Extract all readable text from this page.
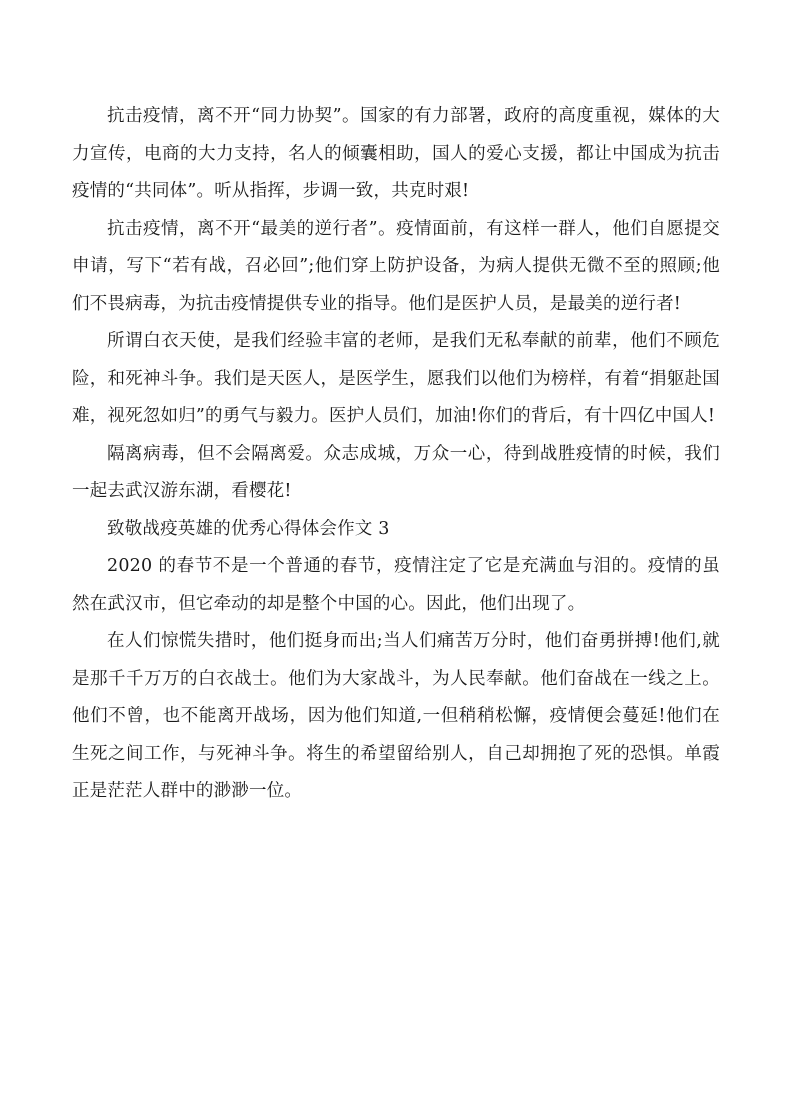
抗击疫情，离不开“同力协契”。国家的有力部署，政府的高度重视，媒体的大力宣传，电商的大力支持，名人的倾囊相助，国人的爱心支援，都让中国成为抗击疫情的“共同体”。听从指挥，步调一致，共克时艰!

抗击疫情，离不开“最美的逆行者”。疫情面前，有这样一群人，他们自愿提交申请，写下“若有战，召必回”;他们穿上防护设备，为病人提供无微不至的照顾;他们不畏病毒，为抗击疫情提供专业的指导。他们是医护人员，是最美的逆行者!

所谓白衣天使，是我们经验丰富的老师，是我们无私奉献的前辈，他们不顾危险，和死神斗争。我们是天医人，是医学生，愿我们以他们为榜样，有着“捐躯赴国难，视死忽如归”的勇气与毅力。医护人员们，加油!你们的背后，有十四亿中国人!

隔离病毒，但不会隔离爱。众志成城，万众一心，待到战胜疫情的时候，我们一起去武汉游东湖，看樱花!

致敬战疫英雄的优秀心得体会作文 3

2020 的春节不是一个普通的春节，疫情注定了它是充满血与泪的。疫情的虽然在武汉市，但它牵动的却是整个中国的心。因此，他们出现了。

在人们惊慌失措时，他们挺身而出;当人们痛苦万分时，他们奋勇拼搏!他们,就是那千千万万的白衣战士。他们为大家战斗，为人民奉献。他们奋战在一线之上。他们不曾，也不能离开战场，因为他们知道,一但稍稍松懈，疫情便会蔓延!他们在生死之间工作，与死神斗争。将生的希望留给别人，自己却拥抱了死的恐惧。单霞正是茫茫人群中的渺渺一位。
